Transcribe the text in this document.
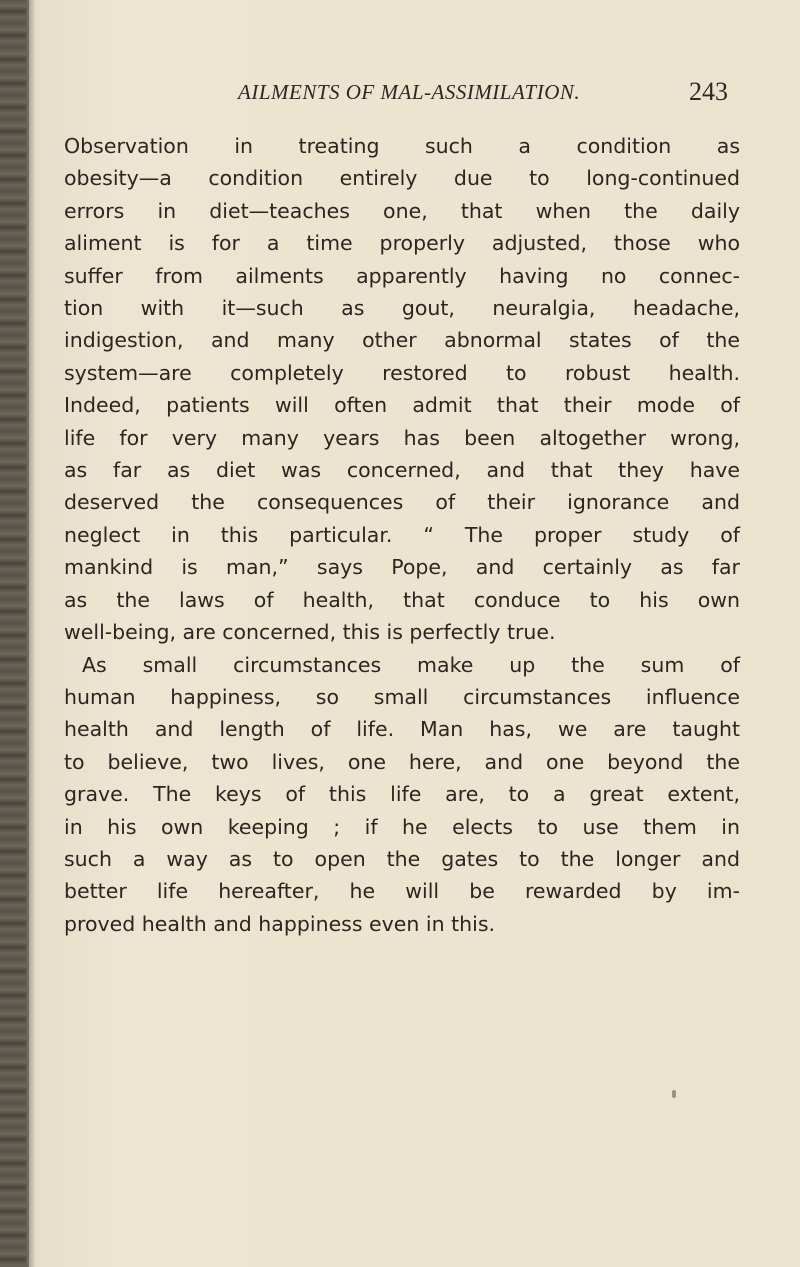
AILMENTS OF MAL-ASSIMILATION.	243
Observation in treating such a condition as
obesity—a condition entirely due to long-continued
errors in diet—teaches one, that when the daily
aliment is for a time properly adjusted, those who
suffer from ailments apparently having no connec-
tion with it—such as gout, neuralgia, headache,
indigestion, and many other abnormal states of the
system—are completely restored to robust health.
Indeed, patients will often admit that their mode of
life for very many years has been altogether wrong,
as far as diet was concerned, and that they have
deserved the consequences of their ignorance and
neglect in this particular. “ The proper study of
mankind is man,” says Pope, and certainly as far
as the laws of health, that conduce to his own
well-being, are concerned, this is perfectly true.
As small circumstances make up the sum of
human happiness, so small circumstances influence
health and length of life. Man has, we are taught
to believe, two lives, one here, and one beyond the
grave. The keys of this life are, to a great extent,
in his own keeping ; if he elects to use them in
such a way as to open the gates to the longer and
better life hereafter, he will be rewarded by im-
proved health and happiness even in this.
